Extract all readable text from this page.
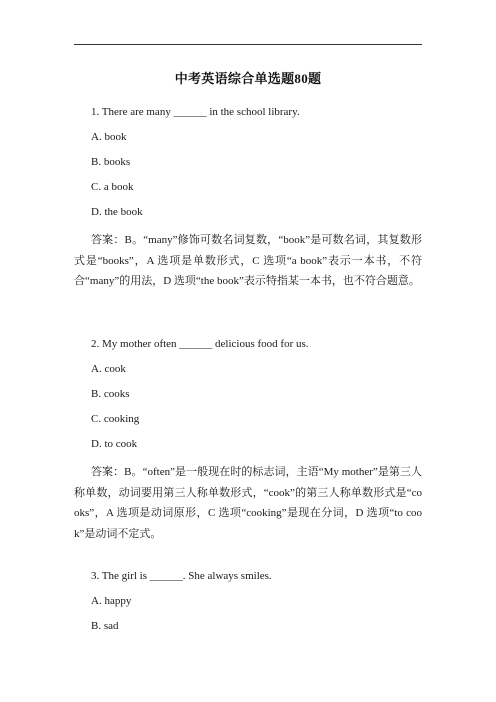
中考英语综合单选题80题
1. There are many ______ in the school library.
A. book
B. books
C. a book
D. the book
答案：B。“many”修饰可数名词复数，“book”是可数名词，其复数形式是“books”，A 选项是单数形式，C 选项“a book”表示一本书，不符合“many”的用法，D 选项“the book”表示特指某一本书，也不符合题意。
2. My mother often ______ delicious food for us.
A. cook
B. cooks
C. cooking
D. to cook
答案：B。“often”是一般现在时的标志词，主语“My mother”是第三人称单数，动词要用第三人称单数形式，“cook”的第三人称单数形式是“cooks”，A 选项是动词原形，C 选项“cooking”是现在分词，D 选项“to cook”是动词不定式。
3. The girl is ______. She always smiles.
A. happy
B. sad
